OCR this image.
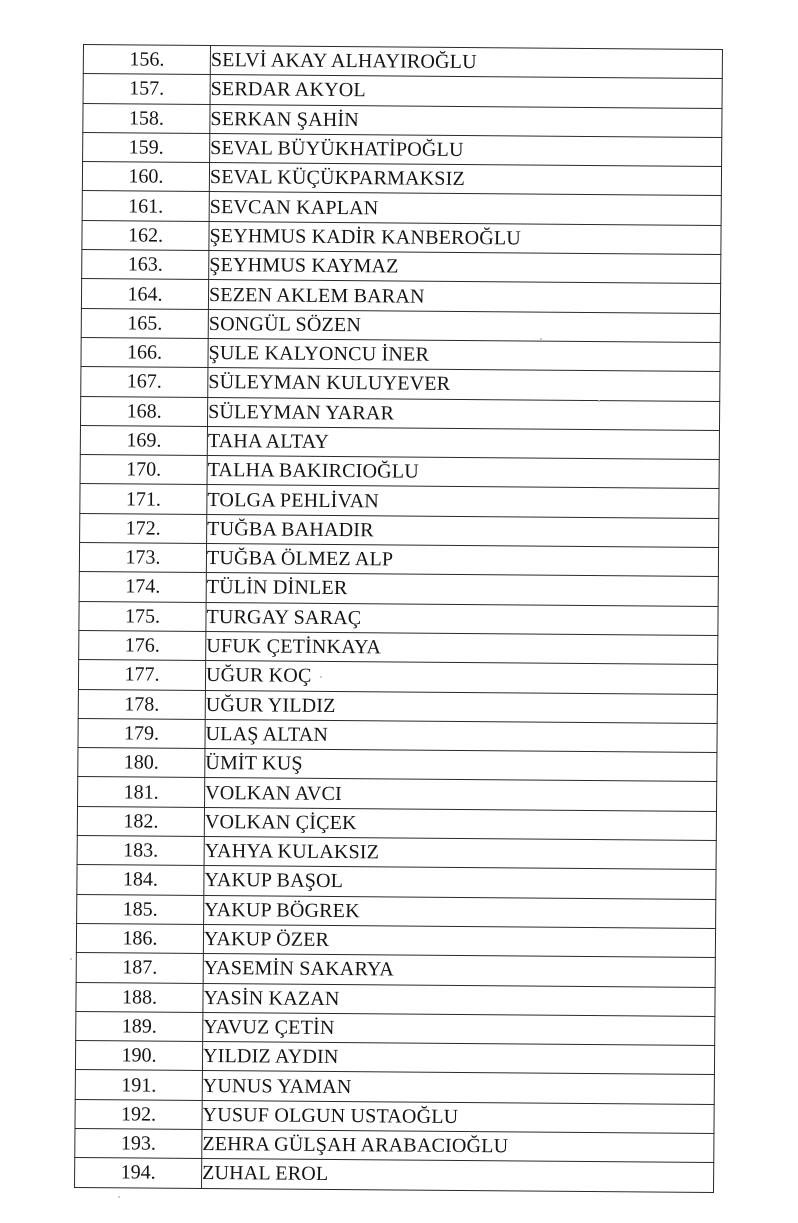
156.	SELVİ AKAY ALHAYIROĞLU
157.	SERDAR AKYOL
158.	SERKAN ŞAHİN
159.	SEVAL BÜYÜKHATİPOĞLU
160.	SEVAL KÜÇÜKPARMAKSIZ
161.	SEVCAN KAPLAN
162.	ŞEYHMUS KADİR KANBEROĞLU
163.	ŞEYHMUS KAYMAZ
164.	SEZEN AKLEM BARAN
165.	SONGÜL SÖZEN
166.	ŞULE KALYONCU İNER
167.	SÜLEYMAN KULUYEVER
168.	SÜLEYMAN YARAR
169.	TAHA ALTAY
170.	TALHA BAKIRCIOĞLU
171.	TOLGA PEHLİVAN
172.	TUĞBA BAHADIR
173.	TUĞBA ÖLMEZ ALP
174.	TÜLİN DİNLER
175.	TURGAY SARAÇ
176.	UFUK ÇETİNKAYA
177.	UĞUR KOÇ
178.	UĞUR YILDIZ
179.	ULAŞ ALTAN
180.	ÜMİT KUŞ
181.	VOLKAN AVCI
182.	VOLKAN ÇİÇEK
183.	YAHYA KULAKSIZ
184.	YAKUP BAŞOL
185.	YAKUP BÖGREK
186.	YAKUP ÖZER
187.	YASEMİN SAKARYA
188.	YASİN KAZAN
189.	YAVUZ ÇETİN
190.	YILDIZ AYDIN
191.	YUNUS YAMAN
192.	YUSUF OLGUN USTAOĞLU
193.	ZEHRA GÜLŞAH ARABACIOĞLU
194.	ZUHAL EROL
